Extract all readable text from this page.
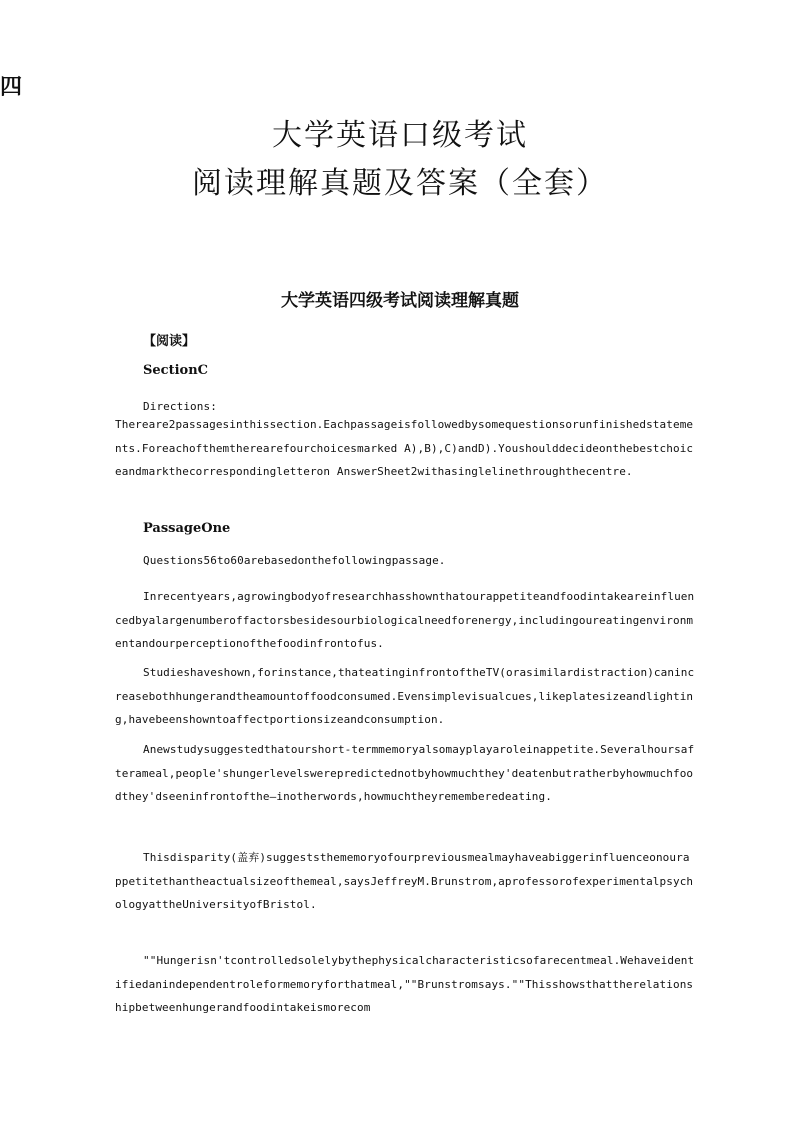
四
大学英语口级考试
阅读理解真题及答案（全套）
大学英语四级考试阅读理解真题
【阅读】
SectionC
Directions:
Thereare2passagesinthissection.Eachpassageisfollowedbysomequestionsorunfinishedstatements.Foreachofthemtherearefourchoicesmarked A),B),C)andD).Youshoulddecideonthebestchoiceandmarkthecorrespondingletteron AnswerSheet2withasinglelinethroughthecentre.
PassageOne
Questions56to60arebasedonthefollowingpassage.
Inrecentyears,agrowingbodyofresearchhasshownthatourappetiteandfoodintakeareinfluencedbyalargenumberoffactorsbesidesourbiologicalneedforenergy,includingoureatingenvironmentandourperceptionofthefoodinfrontofus.
Studieshaveshown,forinstance,thateatinginfrontoftheTV(orasimilardistraction)canincreasebothhungerandtheamountoffoodconsumed.Evensimplevisualcues,likeplatesizeandlighting,havebeenshowntoaffectportionsizeandconsumption.
Anewstudysuggestedthatourshort-termmemoryalsomayplayaroleinappetite.Severalhoursafterameal,people'shungerlevelswerepredictednotbyhowmuchthey'deatenbutratherbyhowmuchfoodthey'dseeninfrontofthe—inotherwords,howmuchtheyrememberedeating.
Thisdisparity(盖弃)suggeststhememoryofourpreviousmealmayhaveabiggerinfluenceonourappetitethantheactualsizeofthemeal,saysJeffreyM.Brunstrom,aprofessorofexperimentalpsychologyattheUniversityofBristol.
""Hungerisn'tcontrolledsolelybythephysicalcharacteristicsofarecentmeal.Wehaveidentifiedanindependentroleformemoryforthatmeal,""Brunstromsays.""Thisshowsthattherelationshipbetweenhungerandfoodintakeismorecom
